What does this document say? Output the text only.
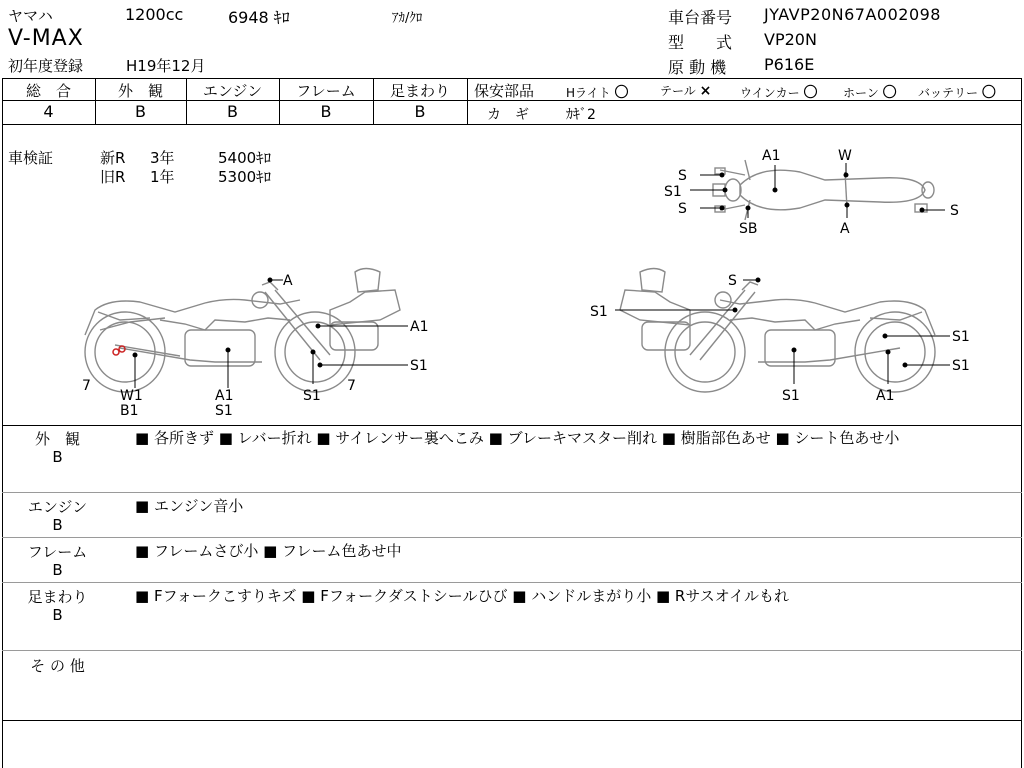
ヤマハ	1200cc	6948 ｷﾛ	ｱｶ/ｸﾛ
V-MAX
初年度登録	H19年12月
車台番号 JYAVP20N67A002098
型　　式 VP20N
原 動 機 P616E
総　合	外　観	エンジン	フレーム	足まわり
4	B	B	B	B
保安部品	Hライト 〇	テール × ウインカー 〇 ホーン 〇 バッテリー 〇
カ　ギ	ｶｷﾞ2
車検証	新R 3年	5400ｷﾛ
旧R 1年	5300ｷﾛ
A1	W
S
S1
S
SB	A
S
A
A1
S1
7
W1
B1
A1
S1
S1
7
S
S1
S1
S1
S1	A1
外　観
B
■ 各所きず ■ レバー折れ ■ サイレンサー裏へこみ ■ ブレーキマスター削れ ■ 樹脂部色あせ ■ シート色あせ小
エンジン
B
■ エンジン音小
フレーム
B
■ フレームさび小 ■ フレーム色あせ中
足まわり
B
■ Fフォークこすりキズ ■ Fフォークダストシールひび ■ ハンドルまがり小 ■ Rサスオイルもれ
そ の 他
